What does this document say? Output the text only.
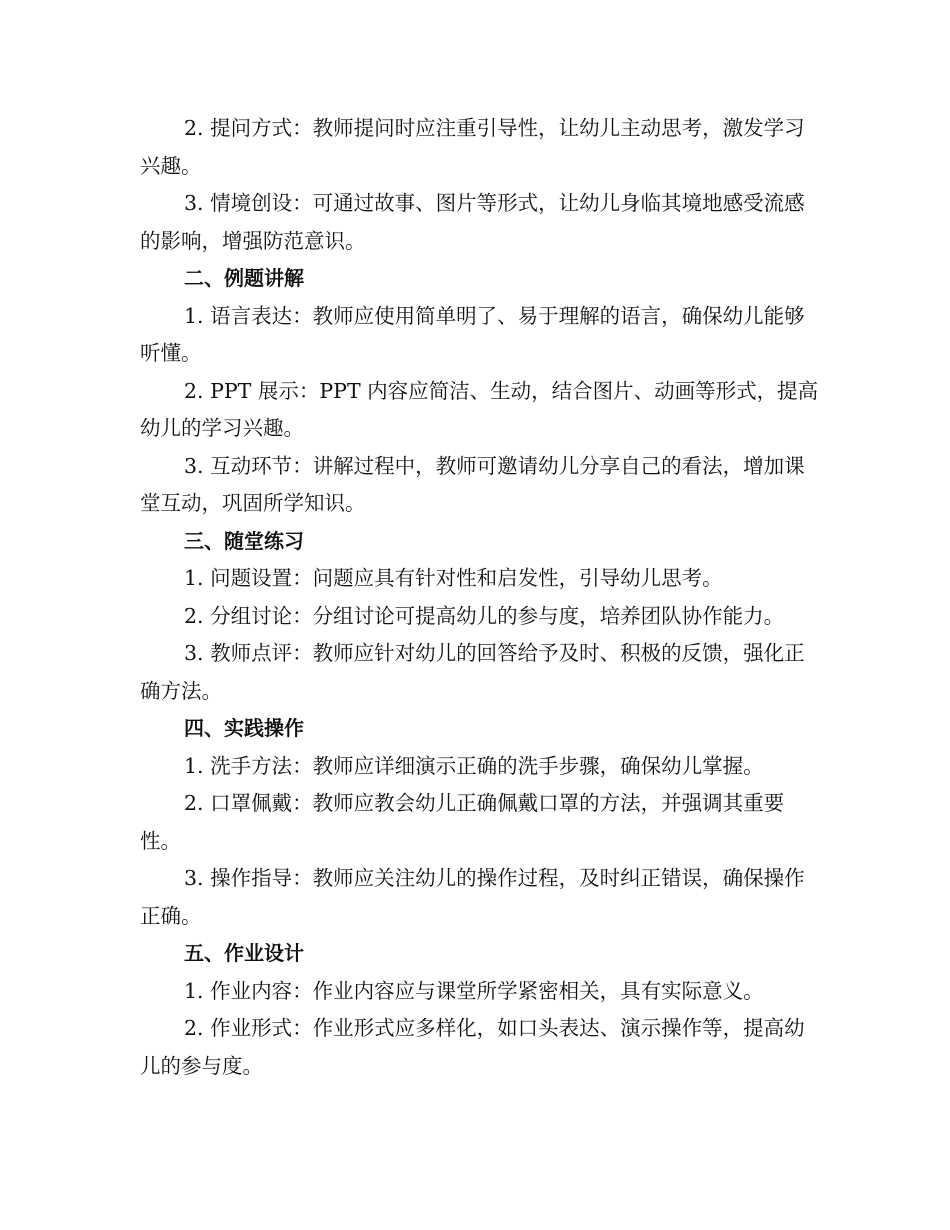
2. 提问方式：教师提问时应注重引导性，让幼儿主动思考，激发学习兴趣。

3. 情境创设：可通过故事、图片等形式，让幼儿身临其境地感受流感的影响，增强防范意识。

二、例题讲解

1. 语言表达：教师应使用简单明了、易于理解的语言，确保幼儿能够听懂。

2. PPT 展示：PPT 内容应简洁、生动，结合图片、动画等形式，提高幼儿的学习兴趣。

3. 互动环节：讲解过程中，教师可邀请幼儿分享自己的看法，增加课堂互动，巩固所学知识。

三、随堂练习

1. 问题设置：问题应具有针对性和启发性，引导幼儿思考。

2. 分组讨论：分组讨论可提高幼儿的参与度，培养团队协作能力。

3. 教师点评：教师应针对幼儿的回答给予及时、积极的反馈，强化正确方法。

四、实践操作

1. 洗手方法：教师应详细演示正确的洗手步骤，确保幼儿掌握。

2. 口罩佩戴：教师应教会幼儿正确佩戴口罩的方法，并强调其重要性。

3. 操作指导：教师应关注幼儿的操作过程，及时纠正错误，确保操作正确。

五、作业设计

1. 作业内容：作业内容应与课堂所学紧密相关，具有实际意义。

2. 作业形式：作业形式应多样化，如口头表达、演示操作等，提高幼儿的参与度。
